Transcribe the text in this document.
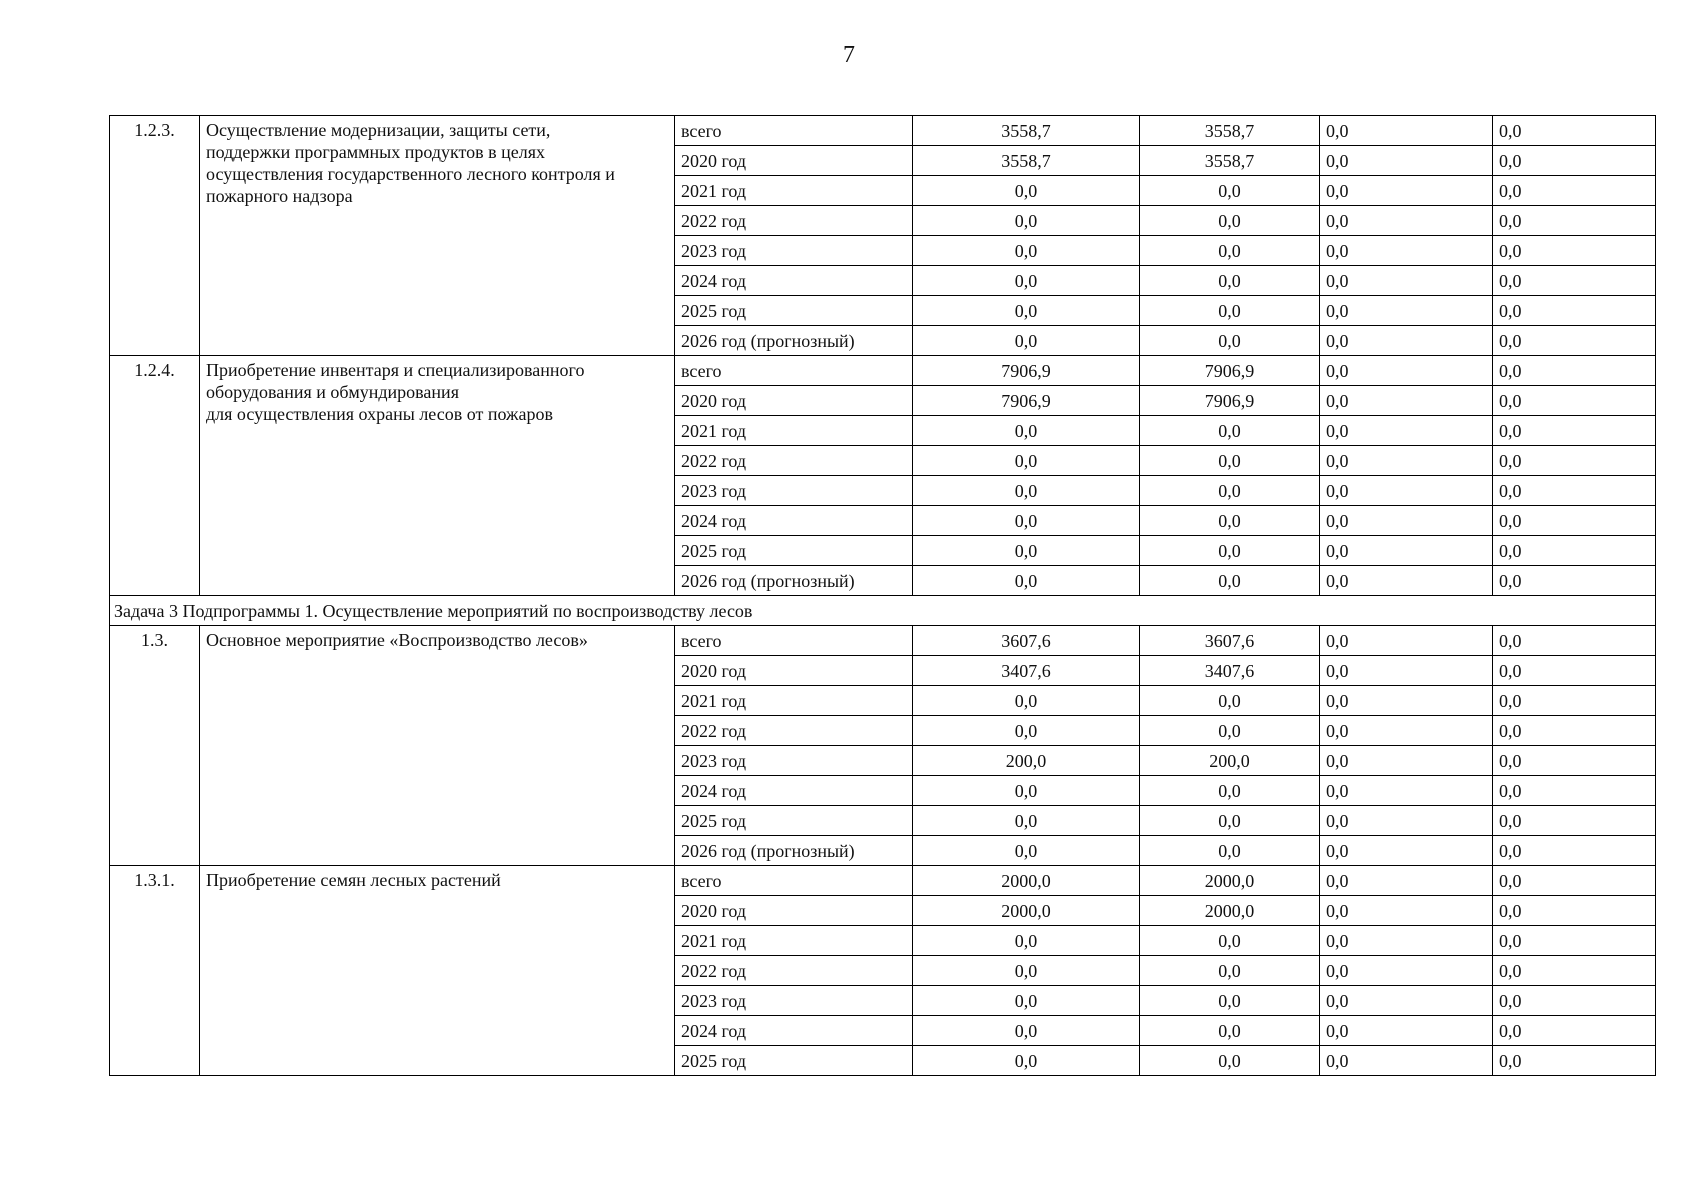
7
1.2.3.	Осуществление модернизации, защиты сети,
поддержки программных продуктов в целях
осуществления государственного лесного контроля и
пожарного надзора	всего	3558,7	3558,7	0,0	0,0
		2020 год	3558,7	3558,7	0,0	0,0
		2021 год	0,0	0,0	0,0	0,0
		2022 год	0,0	0,0	0,0	0,0
		2023 год	0,0	0,0	0,0	0,0
		2024 год	0,0	0,0	0,0	0,0
		2025 год	0,0	0,0	0,0	0,0
		2026 год (прогнозный)	0,0	0,0	0,0	0,0
1.2.4.	Приобретение инвентаря и специализированного
оборудования и обмундирования
для осуществления охраны лесов от пожаров	всего	7906,9	7906,9	0,0	0,0
		2020 год	7906,9	7906,9	0,0	0,0
		2021 год	0,0	0,0	0,0	0,0
		2022 год	0,0	0,0	0,0	0,0
		2023 год	0,0	0,0	0,0	0,0
		2024 год	0,0	0,0	0,0	0,0
		2025 год	0,0	0,0	0,0	0,0
		2026 год (прогнозный)	0,0	0,0	0,0	0,0
Задача 3 Подпрограммы 1. Осуществление мероприятий по воспроизводству лесов						
1.3.	Основное мероприятие «Воспроизводство лесов»	всего	3607,6	3607,6	0,0	0,0
		2020 год	3407,6	3407,6	0,0	0,0
		2021 год	0,0	0,0	0,0	0,0
		2022 год	0,0	0,0	0,0	0,0
		2023 год	200,0	200,0	0,0	0,0
		2024 год	0,0	0,0	0,0	0,0
		2025 год	0,0	0,0	0,0	0,0
		2026 год (прогнозный)	0,0	0,0	0,0	0,0
1.3.1.	Приобретение семян лесных растений	всего	2000,0	2000,0	0,0	0,0
		2020 год	2000,0	2000,0	0,0	0,0
		2021 год	0,0	0,0	0,0	0,0
		2022 год	0,0	0,0	0,0	0,0
		2023 год	0,0	0,0	0,0	0,0
		2024 год	0,0	0,0	0,0	0,0
		2025 год	0,0	0,0	0,0	0,0
